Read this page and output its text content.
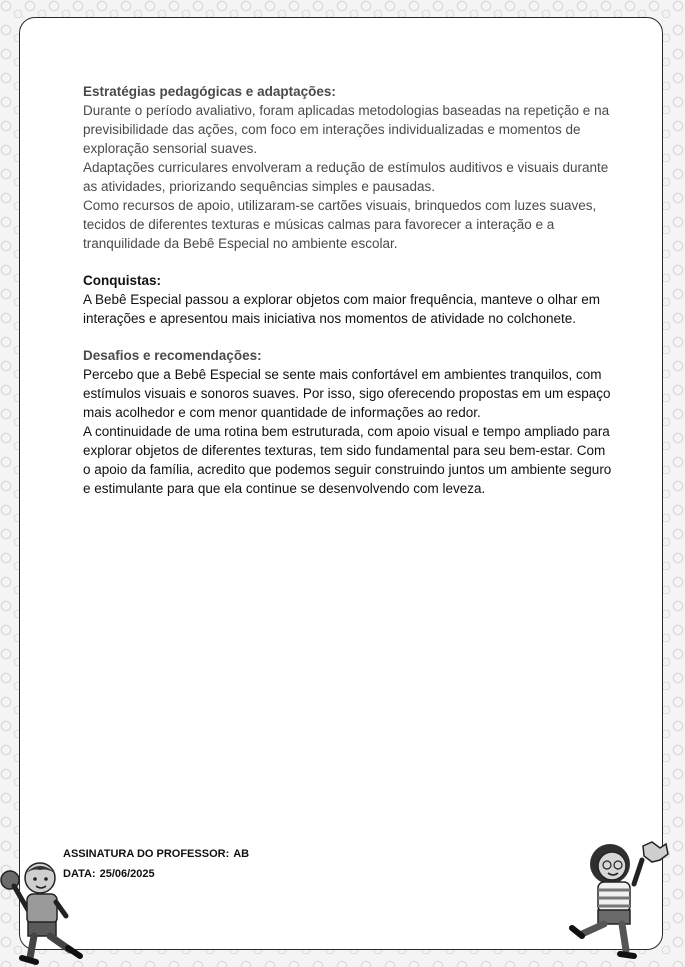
Estratégias pedagógicas e adaptações:

Durante o período avaliativo, foram aplicadas metodologias baseadas na repetição e na previsibilidade das ações, com foco em interações individualizadas e momentos de exploração sensorial suaves.

Adaptações curriculares envolveram a redução de estímulos auditivos e visuais durante as atividades, priorizando sequências simples e pausadas.

Como recursos de apoio, utilizaram-se cartões visuais, brinquedos com luzes suaves, tecidos de diferentes texturas e músicas calmas para favorecer a interação e a tranquilidade da Bebê Especial no ambiente escolar.

Conquistas:

A Bebê Especial passou a explorar objetos com maior frequência, manteve o olhar em interações e apresentou mais iniciativa nos momentos de atividade no colchonete.

Desafios e recomendações:

Percebo que a Bebê Especial se sente mais confortável em ambientes tranquilos, com estímulos visuais e sonoros suaves. Por isso, sigo oferecendo propostas em um espaço mais acolhedor e com menor quantidade de informações ao redor.

A continuidade de uma rotina bem estruturada, com apoio visual e tempo ampliado para explorar objetos de diferentes texturas, tem sido fundamental para seu bem-estar. Com o apoio da família, acredito que podemos seguir construindo juntos um ambiente seguro e estimulante para que ela continue se desenvolvendo com leveza.

ASSINATURA DO PROFESSOR: AB
DATA: 25/06/2025
